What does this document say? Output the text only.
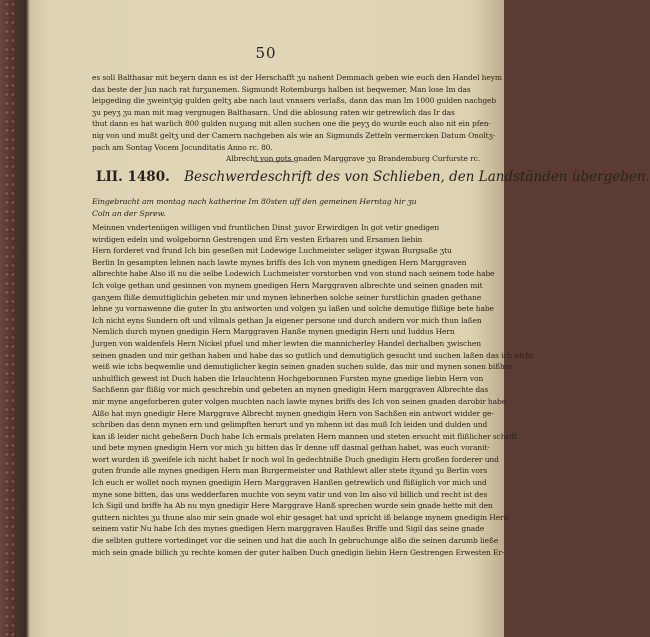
50
es soll Balthasar mit beʒern dann es ist der Herschafft ʒu nahent Demmach geben wie euch den Handel heym
das beste der Jun nach rat furʒunemen. Sigmundt Rotemburgs halben ist beqwemer, Man lose Im das
leipgeding die ʒweintʒig gulden geltʒ abe nach laut vnnsers verlaßs, dann das man Im 1000 gulden nachgeb
ʒu peyʒ ʒu man mit mag vergnugen Balthasarn. Und die ablosung raten wir getrewlich das Ir das
thut dann es hat warlich 800 gulden nuʒung mit allen suchen one die peyʒ do wurde euch also nit ein pfen-
nig von und mußt geltʒ und der Camern nachgeben als wie an Sigmunds Zetteln vermercken Datum Onoltʒ-
pach am Sontag Vocem Jocunditatis Anno rc. 80.
Albrecht von gots gnaden Marggrave ʒu Brandemburg Curfurste rc.
LII. 1480. Beschwerdeschrift des von Schlieben, den Landständen übergeben.
Eingebracht am montag nach katherine Im 80sten uff den gemeinen Herntag hir ʒu
Coln an der Sprew.
Meinnen vnderteniigen willigen vnd fruntlichen Dinst ʒuvor Erwirdigen In got vetir gnedigen
wirdigen edeln und wolgebornn Gestrengen und Ern vesten Erbaren und Ersamen liebin
Hern forderet vnd frund Ich bin geseßen mit Lodewige Luchmeister seliger itʒwan Burgsaße ʒtu
Berlin In gesampten lehnen nach lawte mynes briffs des Ich von mynem gnedigen Hern Marggraven
albrechte habe Also iß nu die selbe Lodewich Luchmeister vorstorben vnd von stund nach seinem tode habe
Ich volge gethan und gesinnen von mynem gnedigen Hern Marggraven albrechte und seinen gnaden mit
ganʒem fliße demuttiglichin gebeten mir und mynen lehnerben solche seiner furstlichin gnaden gethane
lehne ʒu vornawenne die guter In ʒtu antworten und volgen ʒu laßen und solche demutige flißige bete habe
Ich nicht eyns Sundern oft und vilmals gethan Ja eigener persone und durch andern vor mich thun laßen
Nemlich durch mynen gnedigin Hern Marggraven Hanße mynen gnedigin Hern und Iuddus Hern
Jurgen von waldenfels Hern Nickel pfuel und mher lewten die mannicherley Handel derhalben ʒwischen
seinen gnaden und mir gethan haben und habe das so gutlich und demutiglich gesucht und suchen laßen das ich nicht
weiß wie ichs beqwemlie und demutiglicher kegin seinen gnaden suchen sulde, das mir und mynen sonen bißher
unhulflich gewest ist Duch haben die Irlauchtenn Hochgebornnen Fursten myne gnedige liebin Hern von
Sachßenn gar flißig vor mich geschrebin und gebeten an mynen gnedigin Hern marggraven Albrechte das
mir myne angeforberen guter volgen muchten nach lawte mynes briffs des Ich von seinen gnaden darobir habe
Alßo hat myn gnedigir Here Marggrave Albrecht mynen gnedigin Hern von Sachßen ein antwort widder ge-
schriben das denn mynen ern und gelimpften herurt und yn mhenn ist das muß Ich leiden und dulden und
kan iß leider nicht gebeßern Duch habe Ich ermals prelaten Hern mannen und steten ersucht mit flißlicher schrift
und bete mynen gnedigin Hern vor mich ʒu bitten das Ir denne uff dasmal gethan habet, was euch voranit-
wort wurden iß ʒweifele ich nicht habet Ir noch wol In gedechtniße Duch gnedigin Hern großen forderer und
guten frunde alle mynes gnedigen Hern man Burgermeister und Rathlewt aller stete itʒund ʒu Berlin vors
Ich euch er wollet noch mynen gnedigin Hern Marggraven Hanßen getrewlich und flißiglich vor mich und
myne sone bitten, das uns wedderfaren muchte von seym vatir und von Im also vil billich und recht ist des
Ich Sigil und briffe ha Ab nu myn gnedigir Here Marggrave Hanß sprechen wurde sein gnade hette mit den
guttern nichtes ʒu thune also mir sein gnade wol ehir gesaget hat und spricht iß belange mynem gnedigin Hern
seinem vatir Nu habe Ich des mynes gnedigen Hern marggraven Haußes Briffe und Sigil das seine gnade
die selbten guttere vortedinget vor die seinen und hat die auch In gebruchunge alßo die seinen darumb ließe
mich sein gnade billich ʒu rechte komen der guter halben Duch gnedigin liebin Hern Gestrengen Erwesten Er-
